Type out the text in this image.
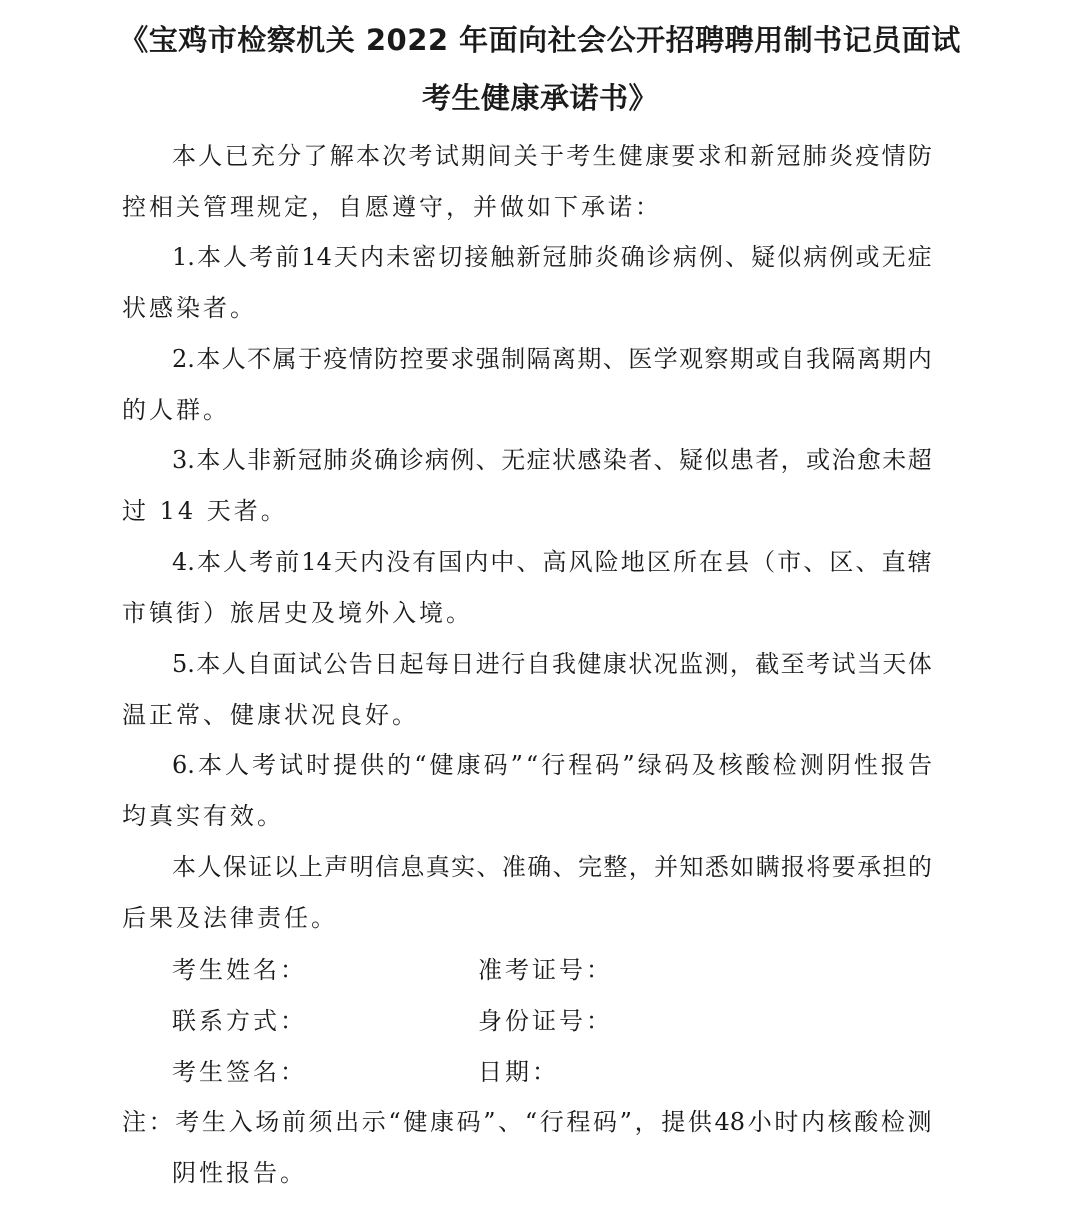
《宝鸡市检察机关 2022 年面向社会公开招聘聘用制书记员面试
考生健康承诺书》
本 人 已 充 分 了 解 本 次 考 试 期 间 关 于 考 生 健 康 要 求 和 新 冠 肺 炎 疫 情 防
控相关管理规定，自愿遵守，并做如下承诺：
1. 本 人 考 前 14 天 内 未 密 切 接 触 新 冠 肺 炎 确 诊 病 例 、 疑 似 病 例 或 无 症
状感染者。
2. 本 人 不 属 于 疫 情 防 控 要 求 强 制 隔 离 期 、 医 学 观 察 期 或 自 我 隔 离 期 内
的人群。
3. 本 人 非 新 冠 肺 炎 确 诊 病 例 、 无 症 状 感 染 者 、 疑 似 患 者 ， 或 治 愈 未 超
过 14 天者。
4. 本 人 考 前 14 天 内 没 有 国 内 中 、 高 风 险 地 区 所 在 县 （ 市 、 区 、 直 辖
市镇街）旅居史及境外入境。
5. 本 人 自 面 试 公 告 日 起 每 日 进 行 自 我 健 康 状 况 监 测 ， 截 至 考 试 当 天 体
温正常、健康状况良好。
6. 本 人 考 试 时 提 供 的 “ 健 康 码 ” “ 行 程 码 ” 绿 码 及 核 酸 检 测 阴 性 报 告
均真实有效。
本 人 保 证 以 上 声 明 信 息 真 实 、 准 确 、 完 整 ， 并 知 悉 如 瞒 报 将 要 承 担 的
后果及法律责任。
考生姓名：	准考证号：
联系方式：	身份证号：
考生签名：	日期：
注 ： 考 生 入 场 前 须 出 示 “ 健 康 码 ” 、 “ 行 程 码 ” ， 提 供 48 小 时 内 核 酸 检 测
阴性报告。
